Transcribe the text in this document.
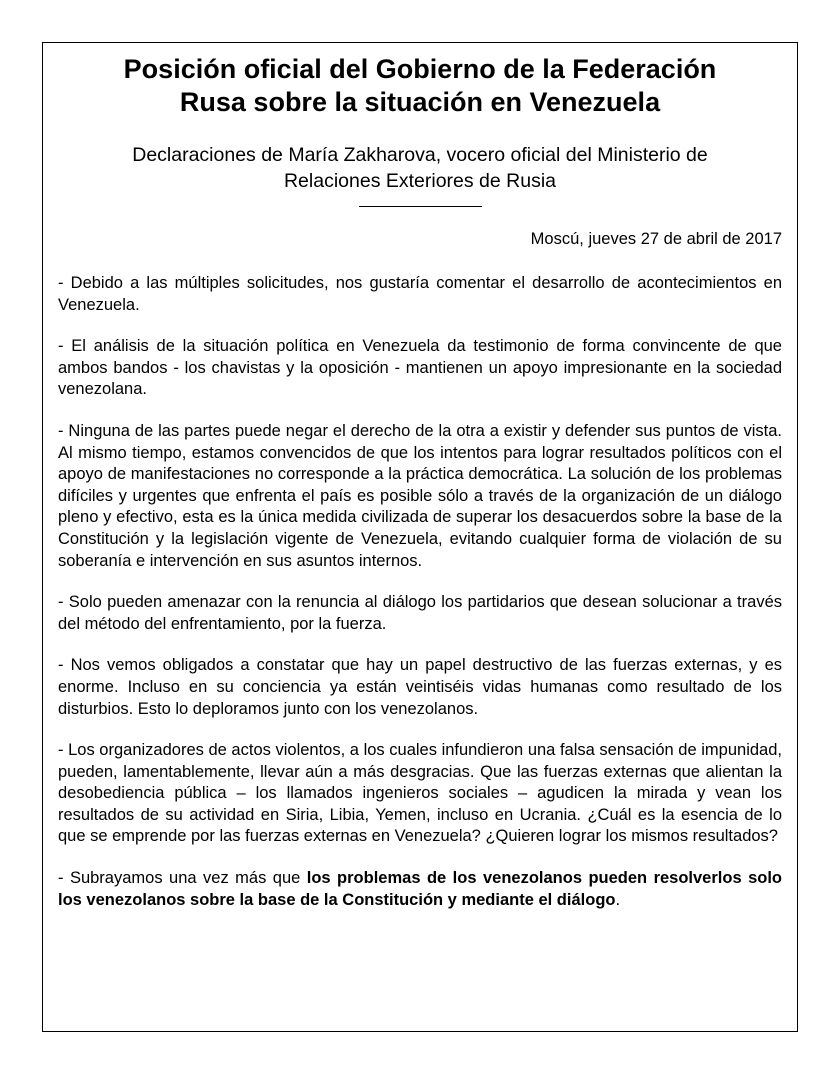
Posición oficial del Gobierno de la Federación
Rusa sobre la situación en Venezuela

Declaraciones de María Zakharova, vocero oficial del Ministerio de
Relaciones Exteriores de Rusia

Moscú, jueves 27 de abril de 2017

- Debido a las múltiples solicitudes, nos gustaría comentar el desarrollo de acontecimientos en Venezuela.

- El análisis de la situación política en Venezuela da testimonio de forma convincente de que ambos bandos - los chavistas y la oposición - mantienen un apoyo impresionante en la sociedad venezolana.

- Ninguna de las partes puede negar el derecho de la otra a existir y defender sus puntos de vista. Al mismo tiempo, estamos convencidos de que los intentos para lograr resultados políticos con el apoyo de manifestaciones no corresponde a la práctica democrática. La solución de los problemas difíciles y urgentes que enfrenta el país es posible sólo a través de la organización de un diálogo pleno y efectivo, esta es la única medida civilizada de superar los desacuerdos sobre la base de la Constitución y la legislación vigente de Venezuela, evitando cualquier forma de violación de su soberanía e intervención en sus asuntos internos.

- Solo pueden amenazar con la renuncia al diálogo los partidarios que desean solucionar a través del método del enfrentamiento, por la fuerza.

- Nos vemos obligados a constatar que hay un papel destructivo de las fuerzas externas, y es enorme. Incluso en su conciencia ya están veintiséis vidas humanas como resultado de los disturbios. Esto lo deploramos junto con los venezolanos.

- Los organizadores de actos violentos, a los cuales infundieron una falsa sensación de impunidad, pueden, lamentablemente, llevar aún a más desgracias. Que las fuerzas externas que alientan la desobediencia pública – los llamados ingenieros sociales – agudicen la mirada y vean los resultados de su actividad en Siria, Libia, Yemen, incluso en Ucrania. ¿Cuál es la esencia de lo que se emprende por las fuerzas externas en Venezuela? ¿Quieren lograr los mismos resultados?

- Subrayamos una vez más que los problemas de los venezolanos pueden resolverlos solo los venezolanos sobre la base de la Constitución y mediante el diálogo.
